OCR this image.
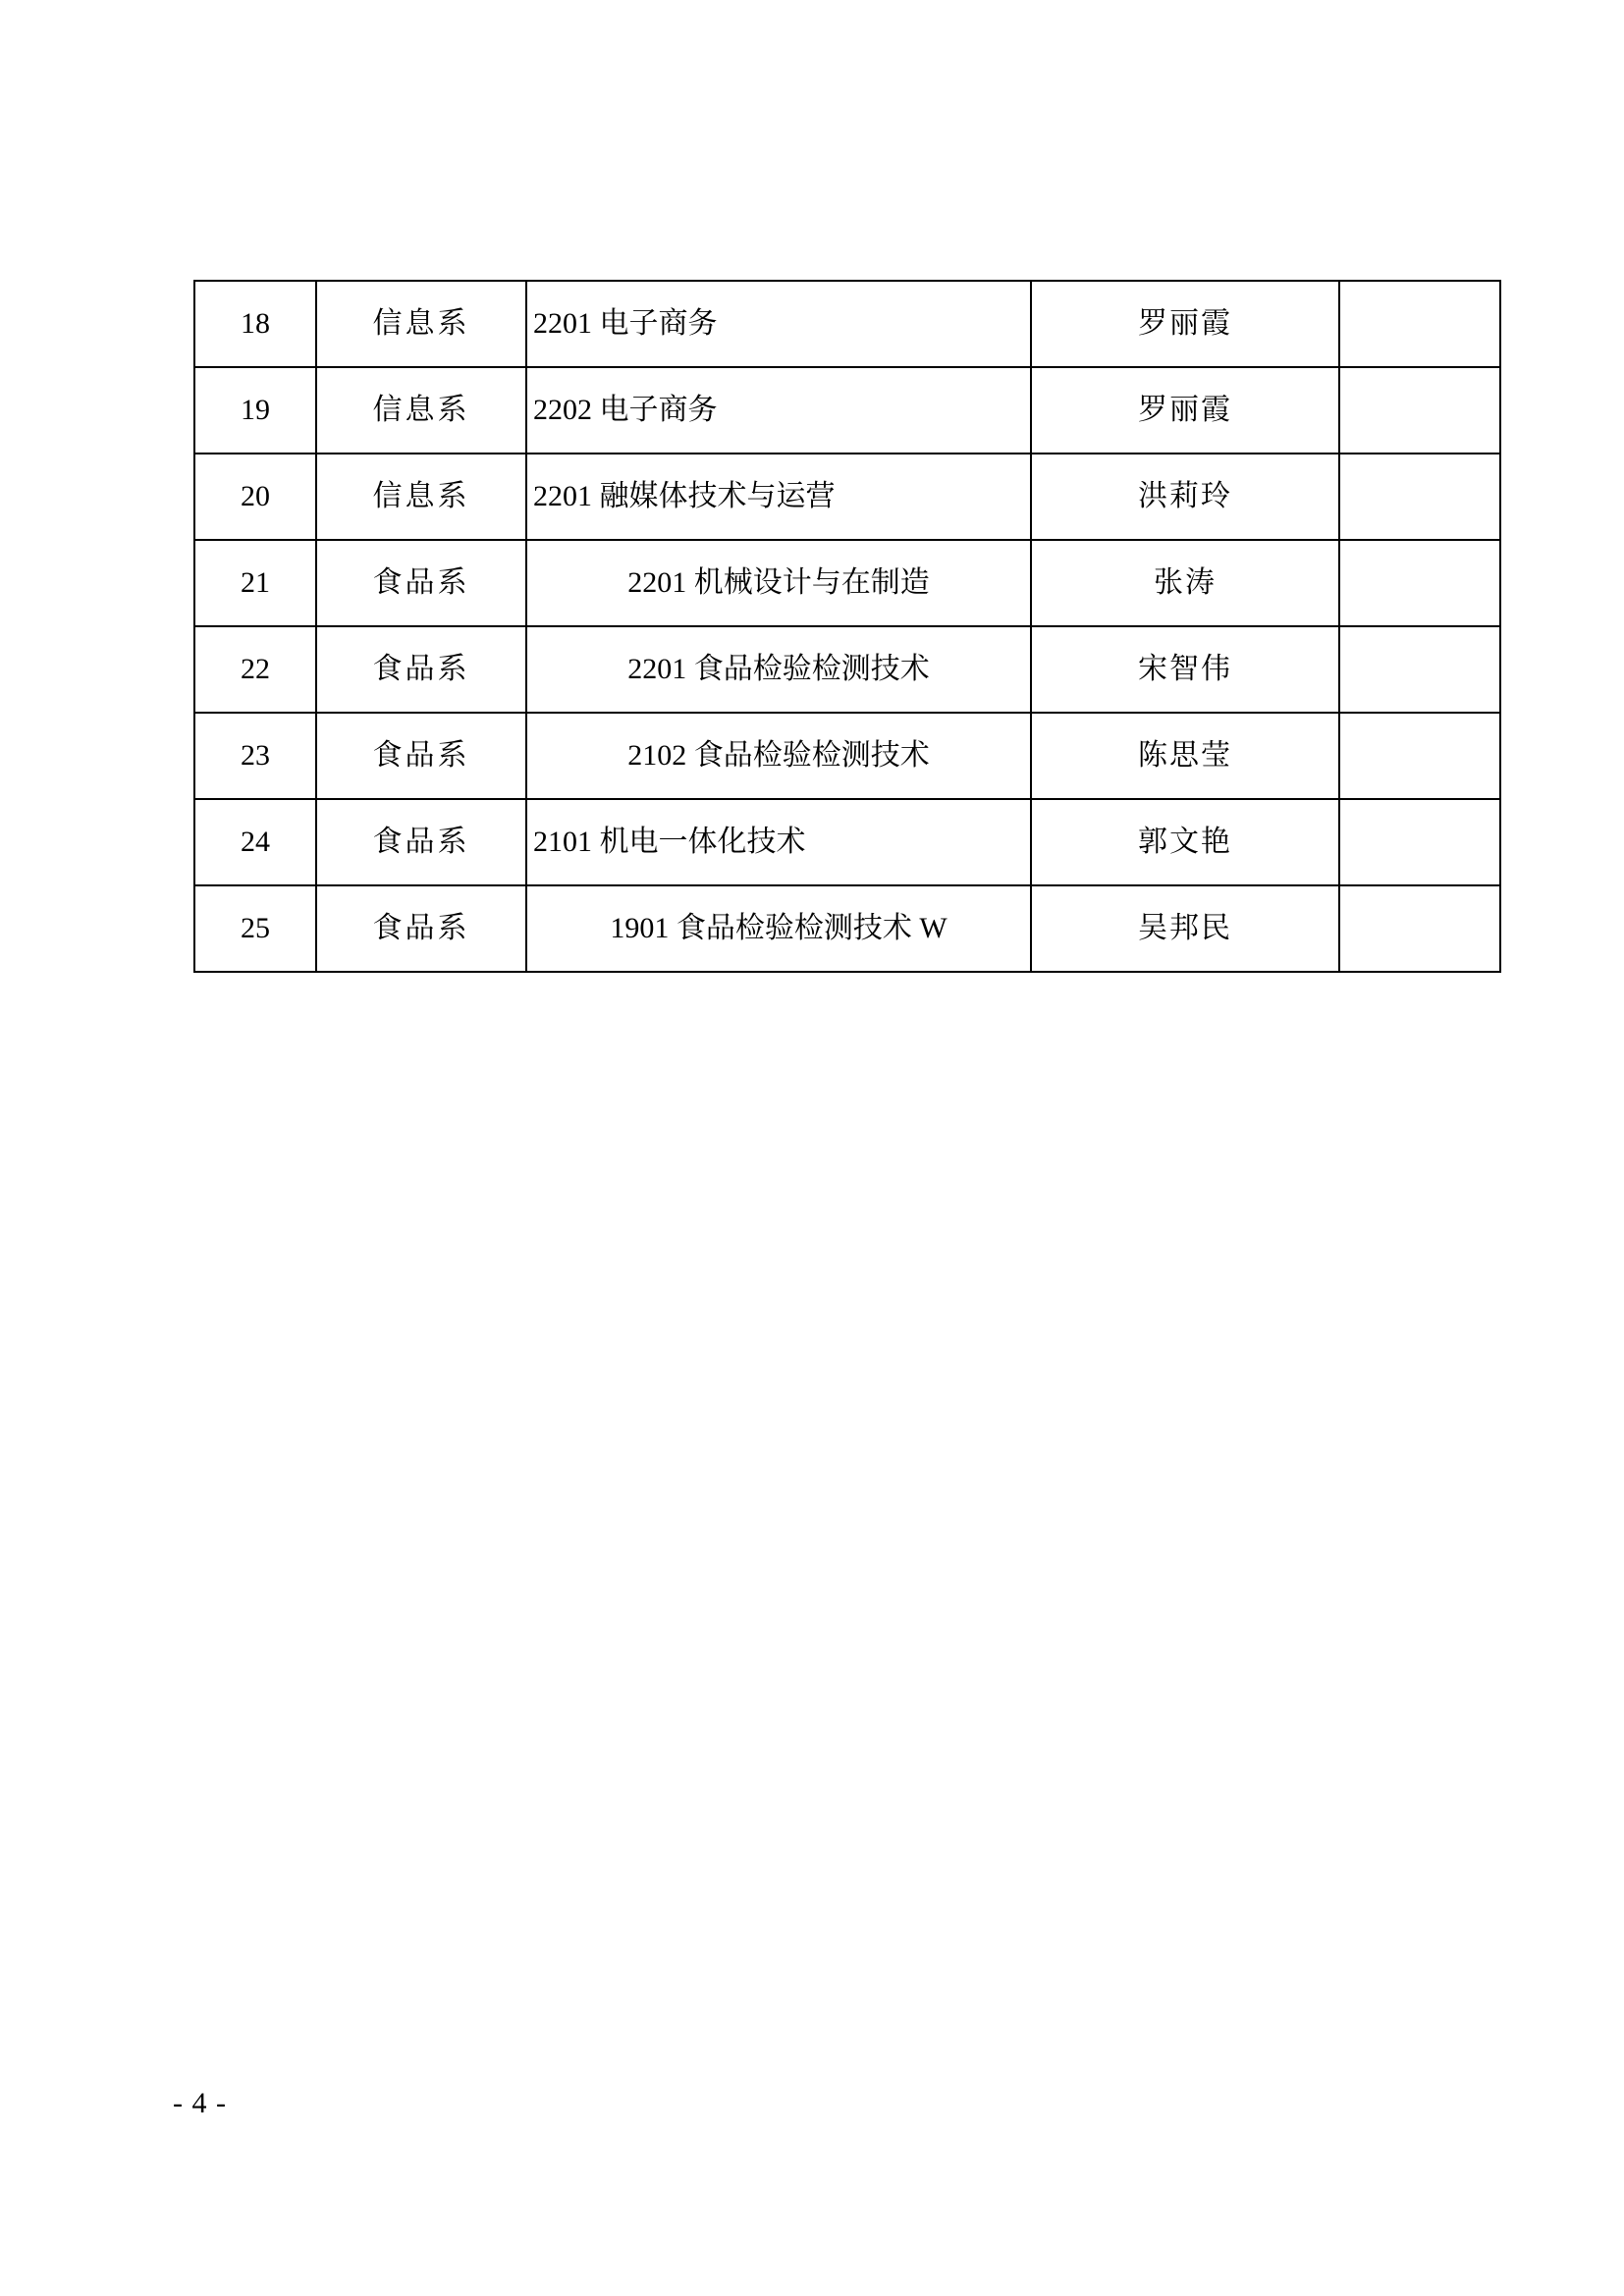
18	信息系	2201 电子商务	罗丽霞	
19	信息系	2202 电子商务	罗丽霞	
20	信息系	2201 融媒体技术与运营	洪莉玲	
21	食品系	2201 机械设计与在制造	张涛	
22	食品系	2201 食品检验检测技术	宋智伟	
23	食品系	2102 食品检验检测技术	陈思莹	
24	食品系	2101 机电一体化技术	郭文艳	
25	食品系	1901 食品检验检测技术 W	吴邦民	
- 4 -
